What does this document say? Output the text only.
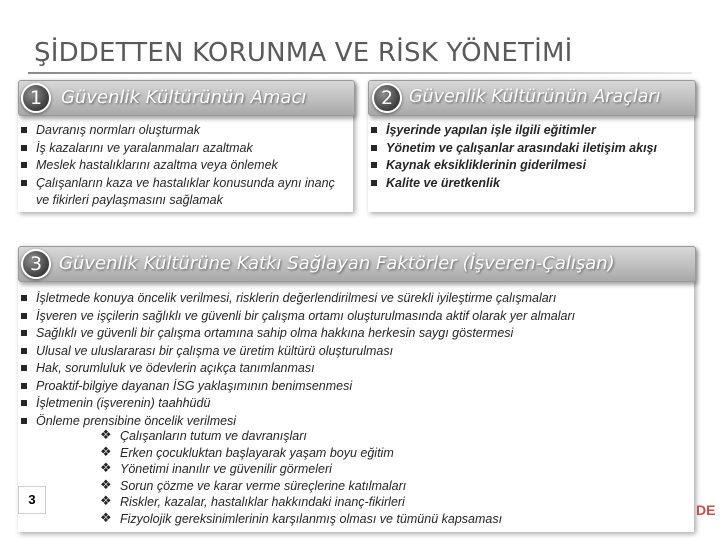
ŞİDDETTEN KORUNMA VE RİSK YÖNETİMİ
Güvenlik Kültürünün Amacı
1
Davranış normları oluşturmak
İş kazalarını ve yaralanmaları azaltmak
Meslek hastalıklarını azaltma veya önlemek
Çalışanların kaza ve hastalıklar konusunda aynı inanç ve fikirleri paylaşmasını sağlamak
Güvenlik Kültürünün Araçları
2
İşyerinde yapılan işle ilgili eğitimler
Yönetim ve çalışanlar arasındaki iletişim akışı
Kaynak eksikliklerinin giderilmesi
Kalite ve üretkenlik
Güvenlik Kültürüne Katkı Sağlayan Faktörler (İşveren-Çalışan)
3
İşletmede konuya öncelik verilmesi, risklerin değerlendirilmesi ve sürekli iyileştirme çalışmaları
İşveren ve işçilerin sağlıklı ve güvenli bir çalışma ortamı oluşturulmasında aktif olarak yer almaları
Sağlıklı ve güvenli bir çalışma ortamına sahip olma hakkına herkesin saygı göstermesi
Ulusal ve uluslararası bir çalışma ve üretim kültürü oluşturulması
Hak, sorumluluk ve ödevlerin açıkça tanımlanması
Proaktif-bilgiye dayanan İSG yaklaşımının benimsenmesi
İşletmenin (işverenin) taahhüdü
Önleme prensibine öncelik verilmesi
❖ Çalışanların tutum ve davranışları
❖ Erken çocukluktan başlayarak yaşam boyu eğitim
❖ Yönetimi inanılır ve güvenilir görmeleri
❖ Sorun çözme ve karar verme süreçlerine katılmaları
❖ Riskler, kazalar, hastalıklar hakkındaki inanç-fikirleri
❖ Fizyolojik gereksinimlerinin karşılanmış olması ve tümünü kapsaması
3
DE
